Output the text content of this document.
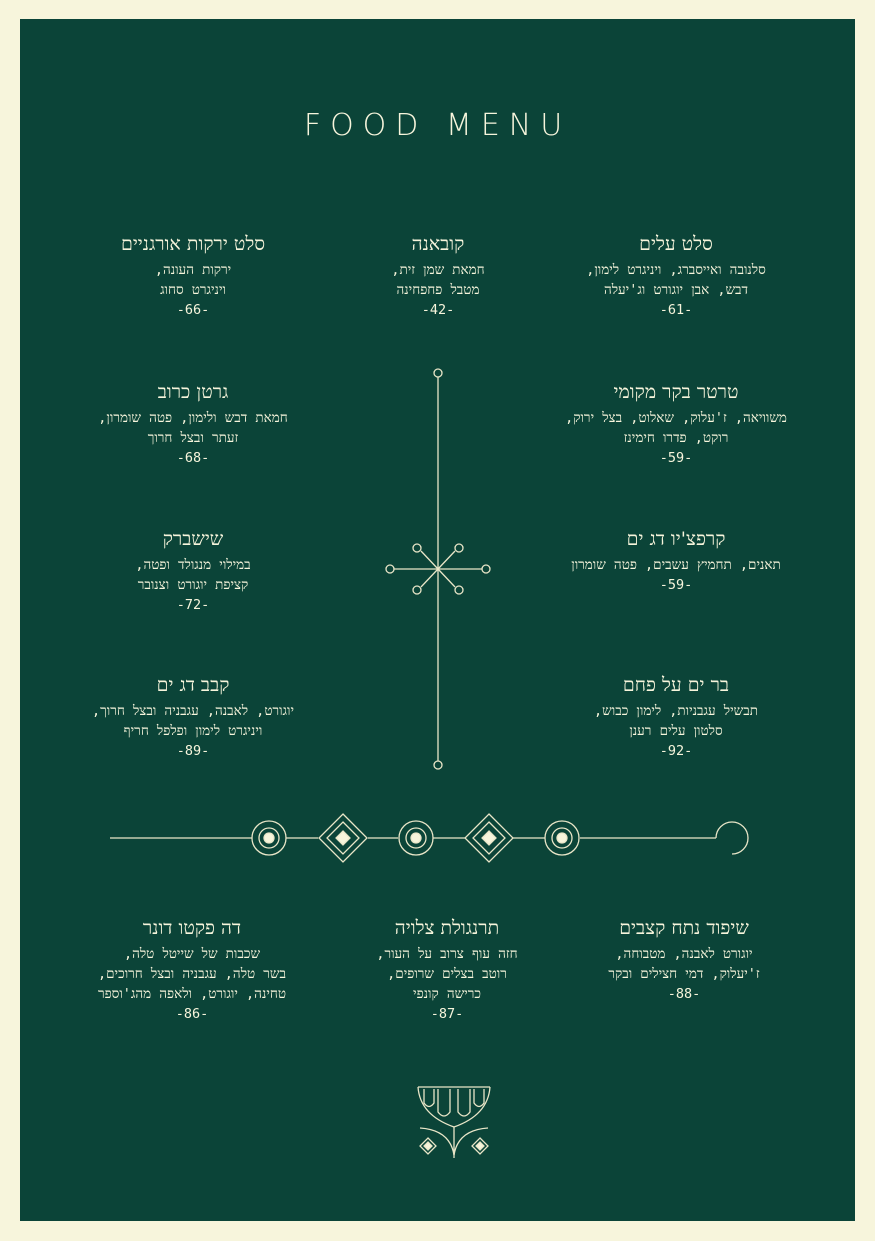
FOOD MENU
סלט עלים
סלנובה ואייסברג, ויניגרט לימון,
דבש, אבן יוגורט וג'יעלה
-61-
קובאנה
חמאת שמן זית,
מטבל פחפחינה
-42-
סלט ירקות אורגניים
ירקות העונה,
ויניגרט סחוג
-66-
טרטר בקר מקומי
משוויאה, ז'עלוק, שאלוט, בצל ירוק,
רוקט, פדרו חימינז
-59-
קרפצ'יו דג ים
תאנים, תחמיץ עשבים, פטה שומרון
-59-
בר ים על פחם
תבשיל עגבניות, לימון כבוש,
סלטון עלים רענן
-92-
גרטן כרוב
חמאת דבש ולימון, פטה שומרון,
זעתר ובצל חרוך
-68-
שישברק
במילוי מנגולד ופטה,
קציפת יוגורט וצנובר
-72-
קבב דג ים
יוגורט, לאבנה, עגבניה ובצל חרוך,
ויניגרט לימון ופלפל חריף
-89-
שיפוד נתח קצבים
יוגורט לאבנה, מטבוחה,
ז'יעלוק, דמי חצילים ובקר
-88-
תרנגולת צלויה
חזה עוף צרוב על העור,
רוטב בצלים שרופים,
כרישה קונפי
-87-
דה פקטו דונר
שכבות של שייטל טלה,
בשר טלה, עגבניה ובצל חרוכים,
טחינה, יוגורט, ולאפה מהג'וספר
-86-
